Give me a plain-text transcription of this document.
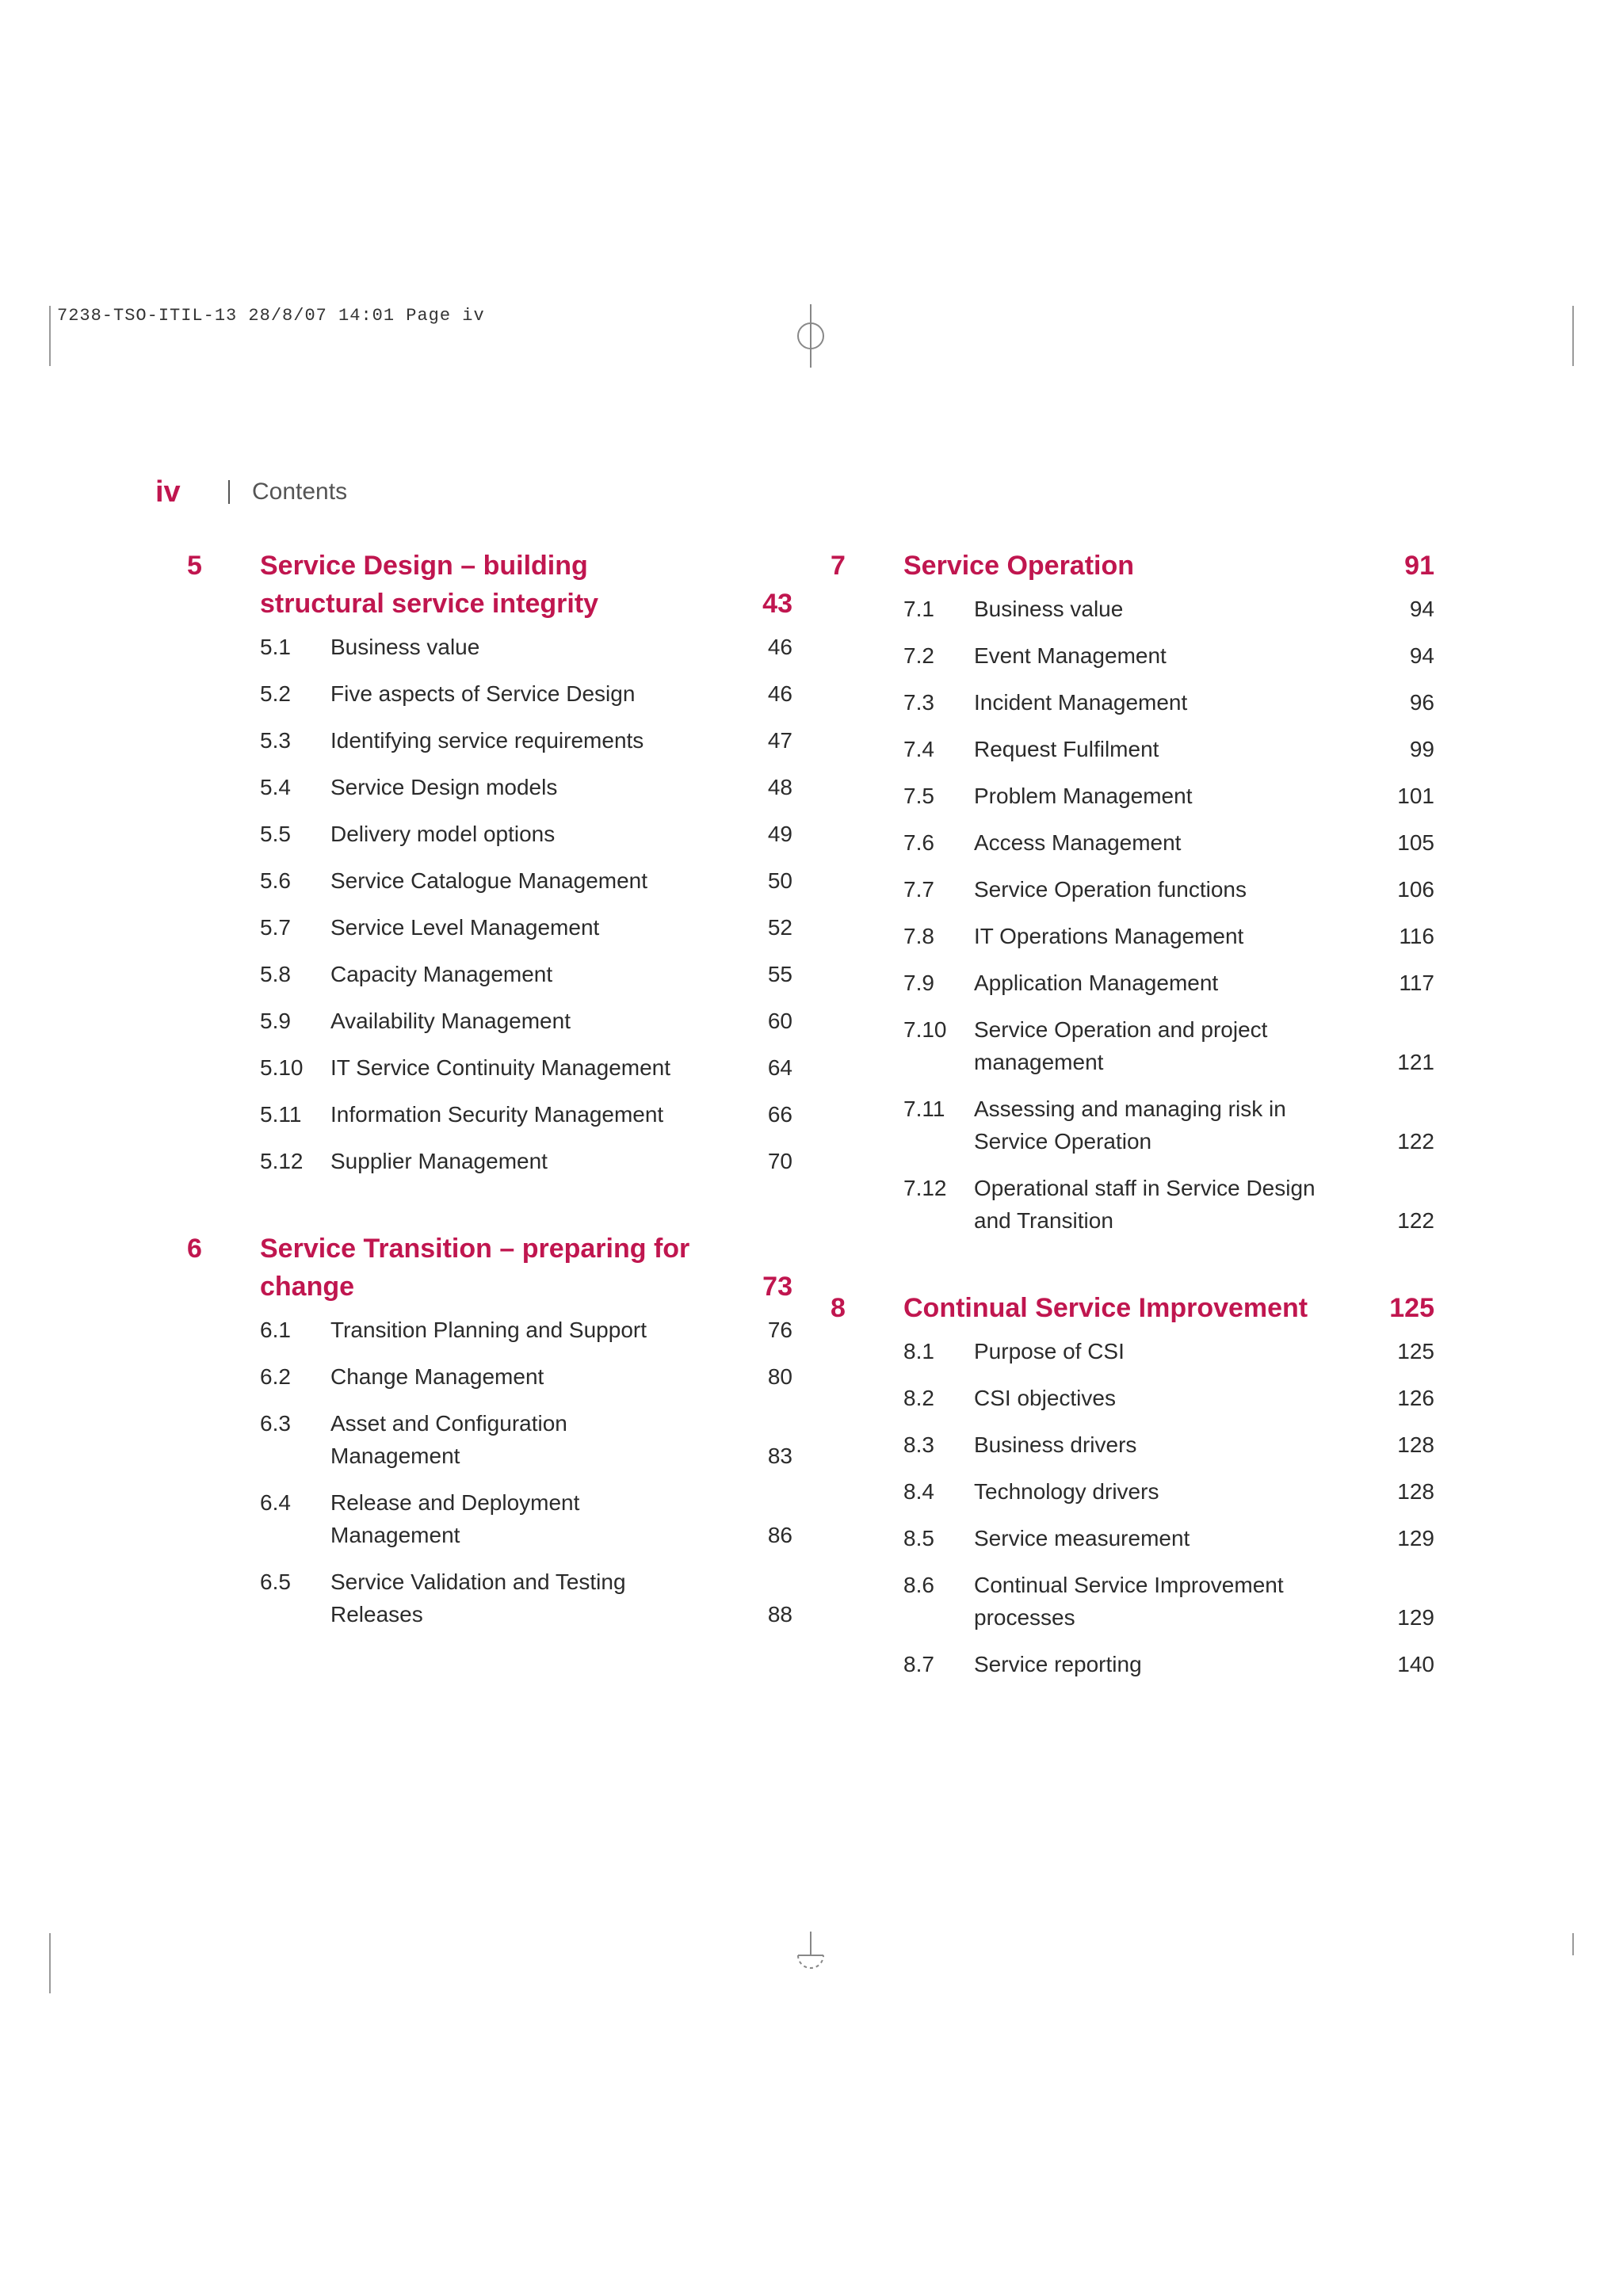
7238-TSO-ITIL-13 28/8/07 14:01 Page iv
iv	Contents
5	Service Design – building structural service integrity	43
5.1	Business value	46
5.2	Five aspects of Service Design	46
5.3	Identifying service requirements	47
5.4	Service Design models	48
5.5	Delivery model options	49
5.6	Service Catalogue Management	50
5.7	Service Level Management	52
5.8	Capacity Management	55
5.9	Availability Management	60
5.10	IT Service Continuity Management	64
5.11	Information Security Management	66
5.12	Supplier Management	70
6	Service Transition – preparing for change	73
6.1	Transition Planning and Support	76
6.2	Change Management	80
6.3	Asset and Configuration Management	83
6.4	Release and Deployment Management	86
6.5	Service Validation and Testing Releases	88
7	Service Operation	91
7.1	Business value	94
7.2	Event Management	94
7.3	Incident Management	96
7.4	Request Fulfilment	99
7.5	Problem Management	101
7.6	Access Management	105
7.7	Service Operation functions	106
7.8	IT Operations Management	116
7.9	Application Management	117
7.10	Service Operation and project management	121
7.11	Assessing and managing risk in Service Operation	122
7.12	Operational staff in Service Design and Transition	122
8	Continual Service Improvement	125
8.1	Purpose of CSI	125
8.2	CSI objectives	126
8.3	Business drivers	128
8.4	Technology drivers	128
8.5	Service measurement	129
8.6	Continual Service Improvement processes	129
8.7	Service reporting	140
